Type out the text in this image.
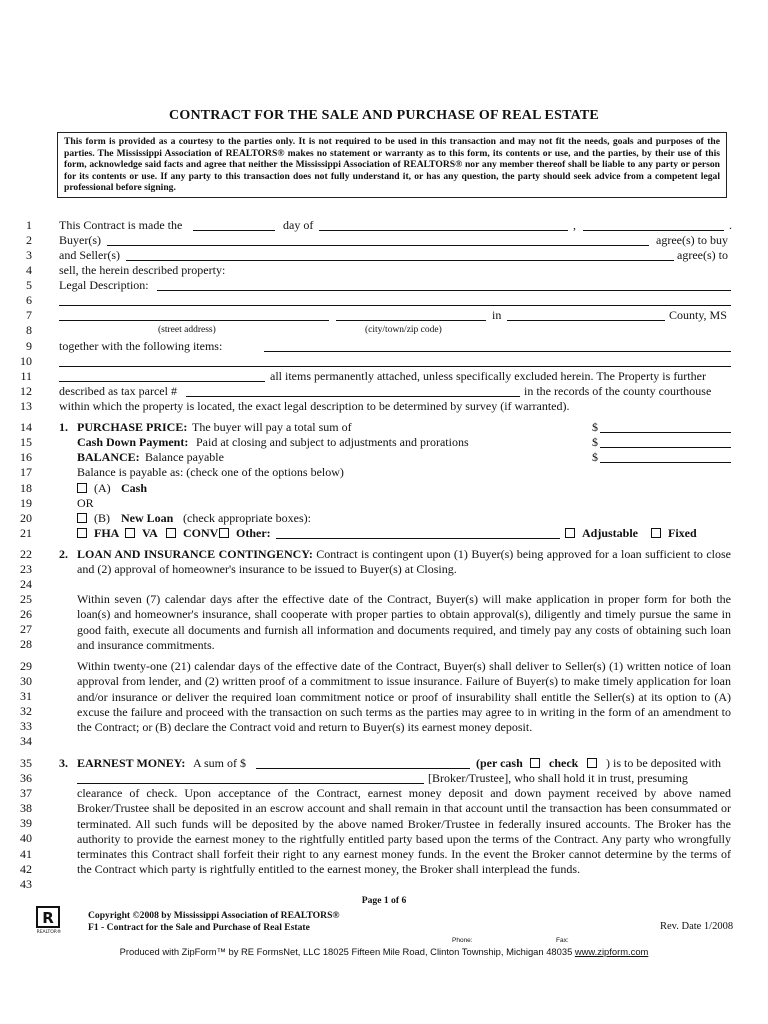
CONTRACT FOR THE SALE AND PURCHASE OF REAL ESTATE
This form is provided as a courtesy to the parties only. It is not required to be used in this transaction and may not fit the needs, goals and purposes of the parties. The Mississippi Association of REALTORS® makes no statement or warranty as to this form, its contents or use, and the parties, by their use of this form, acknowledge said facts and agree that neither the Mississippi Association of REALTORS® nor any member thereof shall be liable to any party or person for its contents or use. If any party to this transaction does not fully understand it, or has any question, the party should seek advice from a competent legal professional before signing.
1
2
3
4
5
6
7
8
9
10
11
12
13
14
15
16
17
18
19
20
21
22
23
24
25
26
27
28
29
30
31
32
33
34
35
36
37
38
39
40
41
42
43
This Contract is made the	day of	,	.
Buyer(s)	agree(s) to buy
and Seller(s)	agree(s) to
sell, the herein described property:
Legal Description:
in	County, MS
(street address)	(city/town/zip code)
together with the following items:
all items permanently attached, unless specifically excluded herein. The Property is further
described as tax parcel #	in the records of the county courthouse
within which the property is located, the exact legal description to be determined by survey (if warranted).
1. PURCHASE PRICE: The buyer will pay a total sum of	$
Cash Down Payment: Paid at closing and subject to adjustments and prorations	$
BALANCE: Balance payable	$
Balance is payable as: (check one of the options below)
(A) Cash
OR
(B) New Loan (check appropriate boxes):
FHA VA CONV Other:	Adjustable Fixed
2. LOAN AND INSURANCE CONTINGENCY: Contract is contingent upon (1) Buyer(s) being approved for a loan sufficient to close and (2) approval of homeowner's insurance to be issued to Buyer(s) at Closing.
Within seven (7) calendar days after the effective date of the Contract, Buyer(s) will make application in proper form for both the loan(s) and homeowner's insurance, shall cooperate with proper parties to obtain approval(s), diligently and timely pursue the same in good faith, execute all documents and furnish all information and documents required, and timely pay any costs of obtaining such loan and insurance commitments.
Within twenty-one (21) calendar days of the effective date of the Contract, Buyer(s) shall deliver to Seller(s) (1) written notice of loan approval from lender, and (2) written proof of a commitment to issue insurance. Failure of Buyer(s) to make timely application for loan and/or insurance or deliver the required loan commitment notice or proof of insurability shall entitle the Seller(s) at its option to (A) excuse the failure and proceed with the transaction on such terms as the parties may agree to in writing in the form of an amendment to the Contract; or (B) declare the Contract void and return to Buyer(s) its earnest money deposit.
3. EARNEST MONEY: A sum of $	(per cash check ) is to be deposited with
[Broker/Trustee], who shall hold it in trust, presuming
clearance of check. Upon acceptance of the Contract, earnest money deposit and down payment received by above named Broker/Trustee shall be deposited in an escrow account and shall remain in that account until the transaction has been consummated or terminated. All such funds will be deposited by the above named Broker/Trustee in federally insured accounts. The Broker has the authority to provide the earnest money to the rightfully entitled party based upon the terms of the Contract. Any party who wrongfully terminates this Contract shall forfeit their right to any earnest money funds. In the event the Broker cannot determine by the terms of the Contract which party is rightfully entitled to the earnest money, the Broker shall interplead the funds.
Page 1 of 6
R
REALTOR®
Copyright ©2008 by Mississippi Association of REALTORS®
F1 - Contract for the Sale and Purchase of Real Estate	Rev. Date 1/2008
Phone:	Fax:
Produced with ZipForm™ by RE FormsNet, LLC 18025 Fifteen Mile Road, Clinton Township, Michigan 48035 www.zipform.com
